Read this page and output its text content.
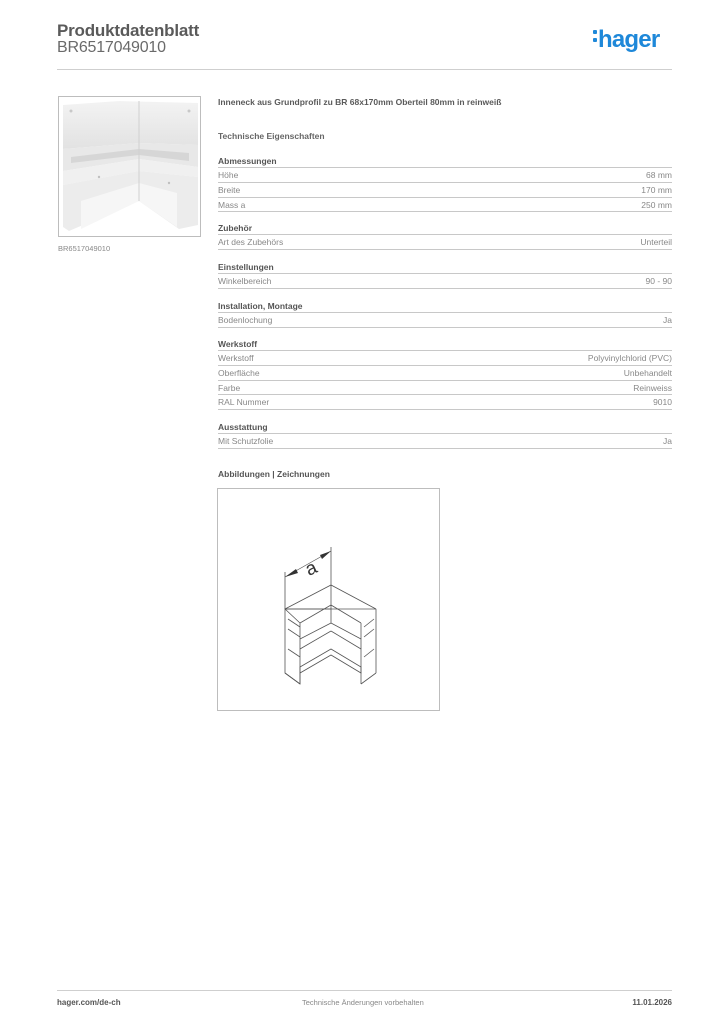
Produktdatenblatt
BR6517049010	hager
BR6517049010
Inneneck aus Grundprofil zu BR 68x170mm Oberteil 80mm in reinweiß
Technische Eigenschaften
Abmessungen
Höhe	68 mm
Breite	170 mm
Mass a	250 mm
Zubehör
Art des Zubehörs	Unterteil
Einstellungen
Winkelbereich	90 - 90
Installation, Montage
Bodenlochung	Ja
Werkstoff
Werkstoff	Polyvinylchlorid (PVC)
Oberfläche	Unbehandelt
Farbe	Reinweiss
RAL Nummer	9010
Ausstattung
Mit Schutzfolie	Ja
Abbildungen | Zeichnungen
a
hager.com/de-ch	Technische Änderungen vorbehalten	11.01.2026
